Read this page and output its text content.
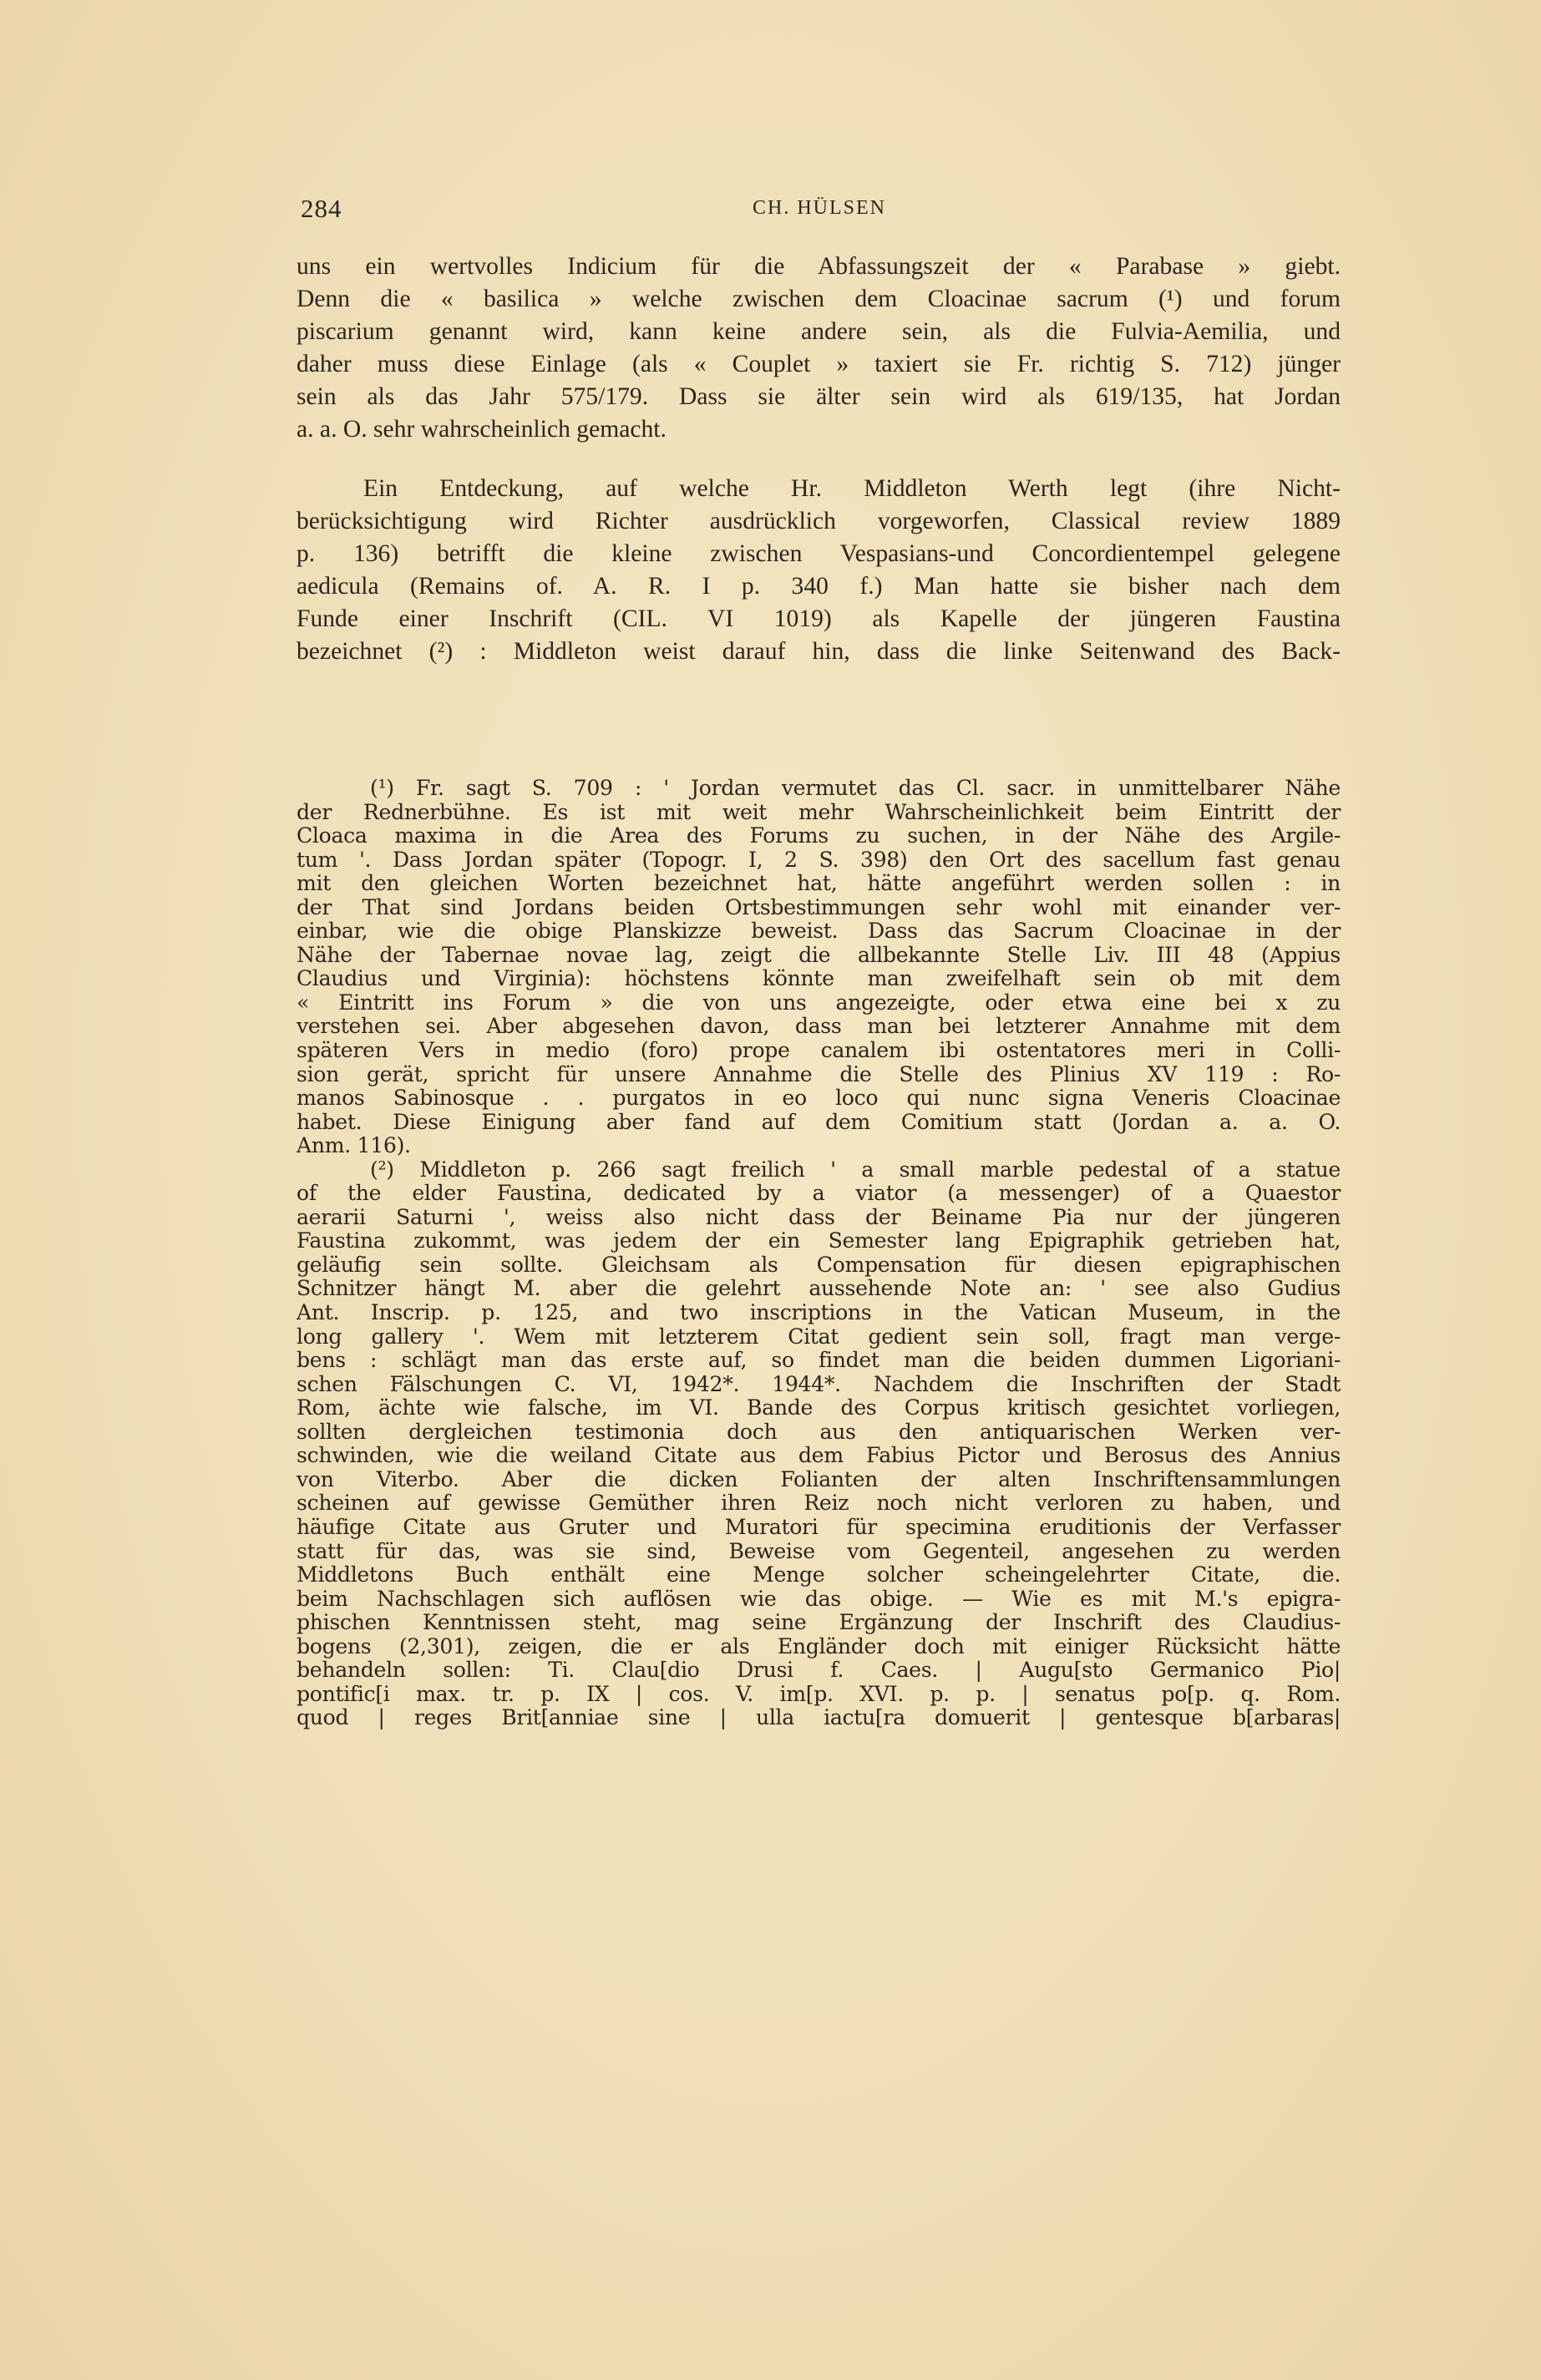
284	CH. HÜLSEN
uns ein wertvolles Indicium für die Abfassungszeit der « Parabase » giebt.
Denn die « basilica » welche zwischen dem Cloacinae sacrum (¹) und forum
piscarium genannt wird, kann keine andere sein, als die Fulvia-Aemilia, und
daher muss diese Einlage (als « Couplet » taxiert sie Fr. richtig S. 712) jünger
sein als das Jahr 575/179. Dass sie älter sein wird als 619/135, hat Jordan
a. a. O. sehr wahrscheinlich gemacht.
Ein Entdeckung, auf welche Hr. Middleton Werth legt (ihre Nicht-
berücksichtigung wird Richter ausdrücklich vorgeworfen, Classical review 1889
p. 136) betrifft die kleine zwischen Vespasians-und Concordientempel gelegene
aedicula (Remains of. A. R. I p. 340 f.) Man hatte sie bisher nach dem
Funde einer Inschrift (CIL. VI 1019) als Kapelle der jüngeren Faustina
bezeichnet (²) : Middleton weist darauf hin, dass die linke Seitenwand des Back-
(¹) Fr. sagt S. 709 : ' Jordan vermutet das Cl. sacr. in unmittelbarer Nähe
der Rednerbühne. Es ist mit weit mehr Wahrscheinlichkeit beim Eintritt der
Cloaca maxima in die Area des Forums zu suchen, in der Nähe des Argile-
tum '. Dass Jordan später (Topogr. I, 2 S. 398) den Ort des sacellum fast genau
mit den gleichen Worten bezeichnet hat, hätte angeführt werden sollen : in
der That sind Jordans beiden Ortsbestimmungen sehr wohl mit einander ver-
einbar, wie die obige Planskizze beweist. Dass das Sacrum Cloacinae in der
Nähe der Tabernae novae lag, zeigt die allbekannte Stelle Liv. III 48 (Appius
Claudius und Virginia): höchstens könnte man zweifelhaft sein ob mit dem
« Eintritt ins Forum » die von uns angezeigte, oder etwa eine bei x zu
verstehen sei. Aber abgesehen davon, dass man bei letzterer Annahme mit dem
späteren Vers in medio (foro) prope canalem ibi ostentatores meri in Colli-
sion gerät, spricht für unsere Annahme die Stelle des Plinius XV 119 : Ro-
manos Sabinosque . . purgatos in eo loco qui nunc signa Veneris Cloacinae
habet. Diese Einigung aber fand auf dem Comitium statt (Jordan a. a. O.
Anm. 116).
(²) Middleton p. 266 sagt freilich ' a small marble pedestal of a statue
of the elder Faustina, dedicated by a viator (a messenger) of a Quaestor
aerarii Saturni ', weiss also nicht dass der Beiname Pia nur der jüngeren
Faustina zukommt, was jedem der ein Semester lang Epigraphik getrieben hat,
geläufig sein sollte. Gleichsam als Compensation für diesen epigraphischen
Schnitzer hängt M. aber die gelehrt aussehende Note an: ' see also Gudius
Ant. Inscrip. p. 125, and two inscriptions in the Vatican Museum, in the
long gallery '. Wem mit letzterem Citat gedient sein soll, fragt man verge-
bens : schlägt man das erste auf, so findet man die beiden dummen Ligoriani-
schen Fälschungen C. VI, 1942*. 1944*. Nachdem die Inschriften der Stadt
Rom, ächte wie falsche, im VI. Bande des Corpus kritisch gesichtet vorliegen,
sollten dergleichen testimonia doch aus den antiquarischen Werken ver-
schwinden, wie die weiland Citate aus dem Fabius Pictor und Berosus des Annius
von Viterbo. Aber die dicken Folianten der alten Inschriftensammlungen
scheinen auf gewisse Gemüther ihren Reiz noch nicht verloren zu haben, und
häufige Citate aus Gruter und Muratori für specimina eruditionis der Verfasser
statt für das, was sie sind, Beweise vom Gegenteil, angesehen zu werden
Middletons Buch enthält eine Menge solcher scheingelehrter Citate, die.
beim Nachschlagen sich auflösen wie das obige. — Wie es mit M.'s epigra-
phischen Kenntnissen steht, mag seine Ergänzung der Inschrift des Claudius-
bogens (2,301), zeigen, die er als Engländer doch mit einiger Rücksicht hätte
behandeln sollen: Ti. Clau[dio Drusi f. Caes. | Augu[sto Germanico Pio|
pontific[i max. tr. p. IX | cos. V. im[p. XVI. p. p. | senatus po[p. q. Rom.
quod | reges Brit[anniae sine | ulla iactu[ra domuerit | gentesque b[arbaras|
